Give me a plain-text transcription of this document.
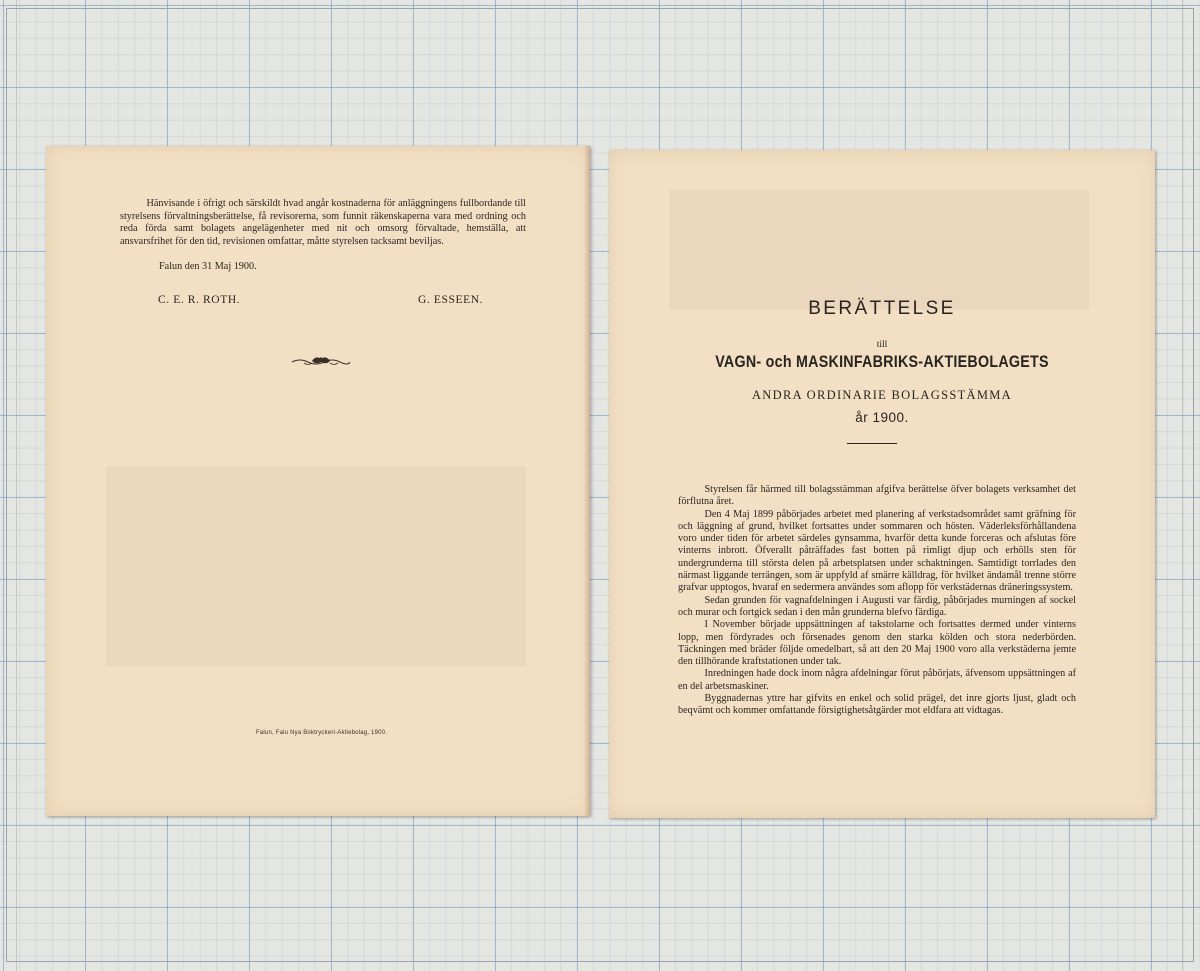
Hänvisande i öfrigt och särskildt hvad angår kostnaderna för anläggningens fullbordande till styrelsens förvaltningsberättelse, få revisorerna, som funnit räkenskaperna vara med ordning och reda förda samt bolagets angelägenheter med nit och omsorg förvaltade, hemställa, att ansvarsfrihet för den tid, revisionen omfattar, måtte styrelsen tacksamt beviljas.

Falun den 31 Maj 1900.
C. E. R. ROTH.	G. ESSEEN.
Falun, Falu Nya Boktryckeri-Aktiebolag, 1900.
BERÄTTELSE
till
VAGN- och MASKINFABRIKS-AKTIEBOLAGETS
ANDRA ORDINARIE BOLAGSSTÄMMA
år 1900.

Styrelsen får härmed till bolagsstämman afgifva berättelse öfver bolagets verksamhet det förflutna året.

Den 4 Maj 1899 påbörjades arbetet med planering af verkstadsområdet samt gräfning för och läggning af grund, hvilket fortsattes under sommaren och hösten. Väderleksförhållandena voro under tiden för arbetet särdeles gynsamma, hvarför detta kunde forceras och afslutas före vinterns inbrott. Öfverallt påträffades fast botten på rimligt djup och erhölls sten för undergrunderna till största delen på arbetsplatsen under schaktningen. Samtidigt torrlades den närmast liggande terrängen, som är uppfyld af smärre källdrag, för hvilket ändamål trenne större grafvar upptogos, hvaraf en sedermera användes som aflopp för verkstädernas dräneringssystem.

Sedan grunden för vagnafdelningen i Augusti var färdig, påbörjades murningen af sockel och murar och fortgick sedan i den mån grunderna blefvo färdiga.

I November började uppsättningen af takstolarne och fortsattes dermed under vinterns lopp, men fördyrades och försenades genom den starka kölden och stora nederbörden. Täckningen med bräder följde omedelbart, så att den 20 Maj 1900 voro alla verkstäderna jemte den tillhörande kraftstationen under tak.

Inredningen hade dock inom några afdelningar förut påbörjats, äfvensom uppsättningen af en del arbetsmaskiner.

Byggnadernas yttre har gifvits en enkel och solid prägel, det inre gjorts ljust, gladt och beqvämt och kommer omfattande försigtighetsåtgärder mot eldfara att vidtagas.
